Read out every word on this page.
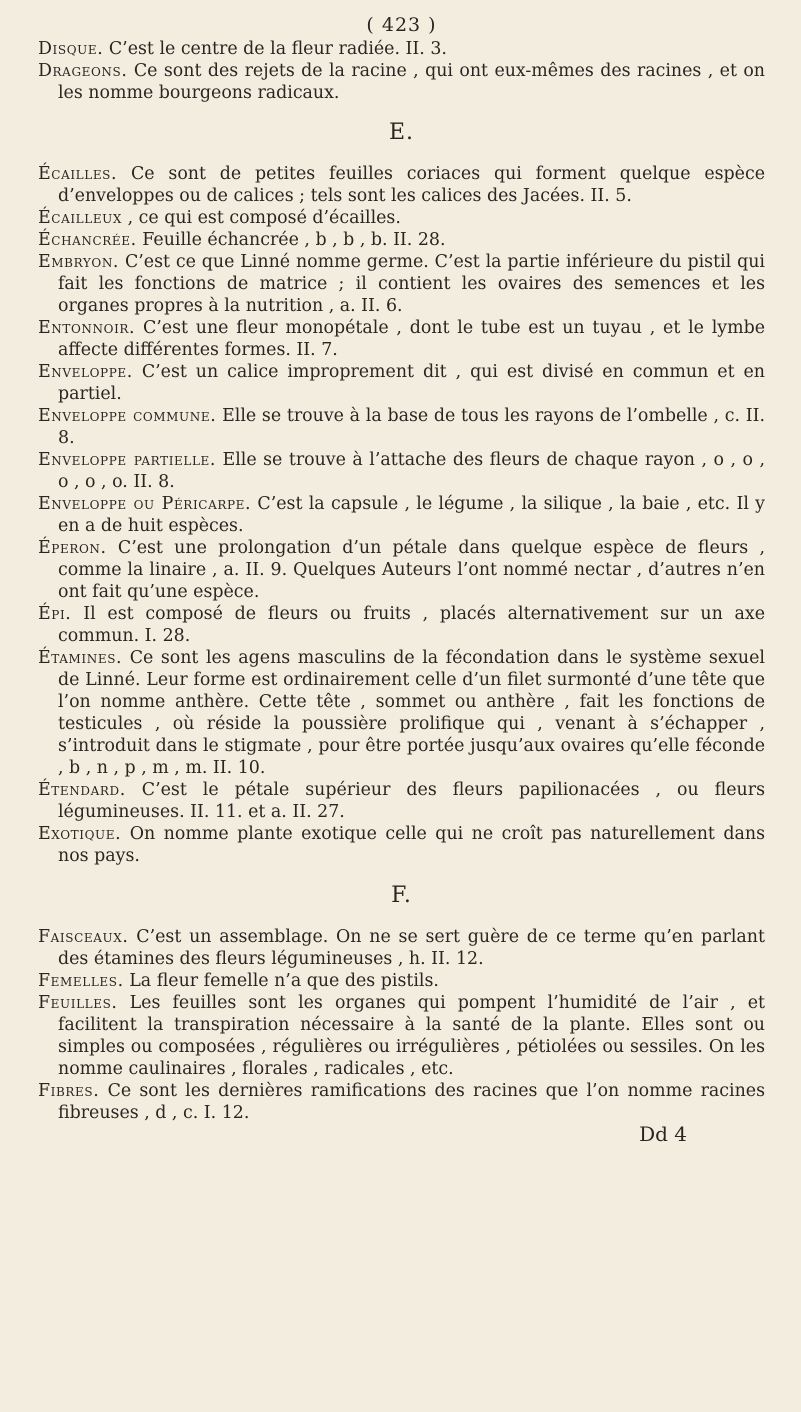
( 423 )

Disque. C’est le centre de la fleur radiée. II. 3.

Drageons. Ce sont des rejets de la racine , qui ont eux-mêmes des racines , et on les nomme bourgeons radicaux.

E.

Écailles. Ce sont de petites feuilles coriaces qui forment quelque espèce d’enveloppes ou de calices ; tels sont les calices des Jacées. II. 5.

Écailleux , ce qui est composé d’écailles.

Échancrée. Feuille échancrée , b , b , b. II. 28.

Embryon. C’est ce que Linné nomme germe. C’est la partie inférieure du pistil qui fait les fonctions de matrice ; il contient les ovaires des semences et les organes propres à la nutrition , a. II. 6.

Entonnoir. C’est une fleur monopétale , dont le tube est un tuyau , et le lymbe affecte différentes formes. II. 7.

Enveloppe. C’est un calice improprement dit , qui est divisé en commun et en partiel.

Enveloppe commune. Elle se trouve à la base de tous les rayons de l’ombelle , c. II. 8.

Enveloppe partielle. Elle se trouve à l’attache des fleurs de chaque rayon , o , o , o , o , o. II. 8.

Enveloppe ou Péricarpe. C’est la capsule , le légume , la silique , la baie , etc. Il y en a de huit espèces.

Éperon. C’est une prolongation d’un pétale dans quelque espèce de fleurs , comme la linaire , a. II. 9. Quelques Auteurs l’ont nommé nectar , d’autres n’en ont fait qu’une espèce.

Épi. Il est composé de fleurs ou fruits , placés alternativement sur un axe commun. I. 28.

Étamines. Ce sont les agens masculins de la fécondation dans le système sexuel de Linné. Leur forme est ordinairement celle d’un filet surmonté d’une tête que l’on nomme anthère. Cette tête , sommet ou anthère , fait les fonctions de testicules , où réside la poussière prolifique qui , venant à s’échapper , s’introduit dans le stigmate , pour être portée jusqu’aux ovaires qu’elle féconde , b , n , p , m , m. II. 10.

Étendard. C’est le pétale supérieur des fleurs papilionacées , ou fleurs légumineuses. II. 11. et a. II. 27.

Exotique. On nomme plante exotique celle qui ne croît pas naturellement dans nos pays.

F.

Faisceaux. C’est un assemblage. On ne se sert guère de ce terme qu’en parlant des étamines des fleurs légumineuses , h. II. 12.

Femelles. La fleur femelle n’a que des pistils.

Feuilles. Les feuilles sont les organes qui pompent l’humidité de l’air , et facilitent la transpiration nécessaire à la santé de la plante. Elles sont ou simples ou composées , régulières ou irrégulières , pétiolées ou sessiles. On les nomme caulinaires , florales , radicales , etc.

Fibres. Ce sont les dernières ramifications des racines que l’on nomme racines fibreuses , d , c. I. 12.

Dd 4
